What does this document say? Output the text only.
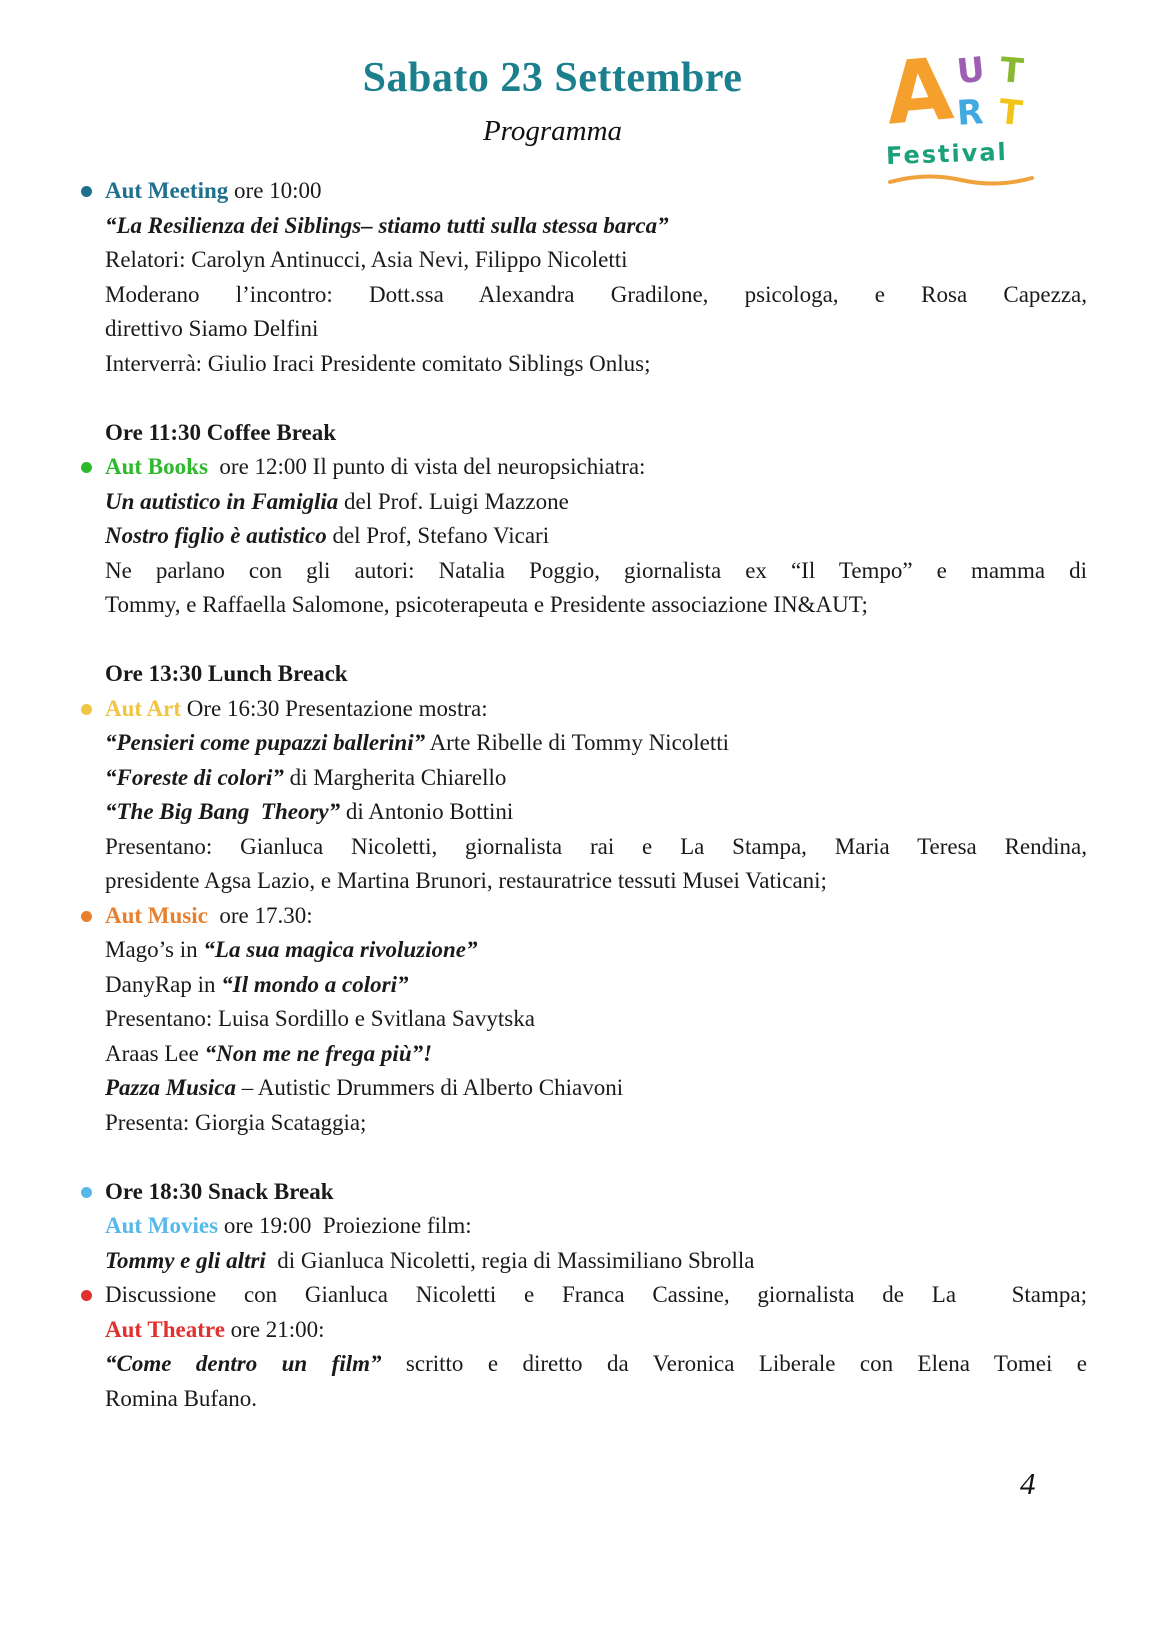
Sabato 23 Settembre
Programma	A
U T
R T
Festival
Aut Meeting ore 10:00
“La Resilienza dei Siblings– stiamo tutti sulla stessa barca”
Relatori: Carolyn Antinucci, Asia Nevi, Filippo Nicoletti
Moderano l’incontro: Dott.ssa Alexandra Gradilone, psicologa, e Rosa Capezza,
direttivo Siamo Delfini
Interverrà: Giulio Iraci Presidente comitato Siblings Onlus;
Ore 11:30 Coffee Break
Aut Books  ore 12:00 Il punto di vista del neuropsichiatra:
Un autistico in Famiglia del Prof. Luigi Mazzone
Nostro figlio è autistico del Prof, Stefano Vicari
Ne parlano con gli autori: Natalia Poggio, giornalista ex “Il Tempo” e mamma di
Tommy, e Raffaella Salomone, psicoterapeuta e Presidente associazione IN&AUT;
Ore 13:30 Lunch Breack
Aut Art Ore 16:30 Presentazione mostra:
“Pensieri come pupazzi ballerini” Arte Ribelle di Tommy Nicoletti
“Foreste di colori” di Margherita Chiarello
“The Big Bang  Theory” di Antonio Bottini
Presentano: Gianluca Nicoletti, giornalista rai e La Stampa, Maria Teresa Rendina,
presidente Agsa Lazio, e Martina Brunori, restauratrice tessuti Musei Vaticani;
Aut Music  ore 17.30:
Mago’s in “La sua magica rivoluzione”
DanyRap in “Il mondo a colori”
Presentano: Luisa Sordillo e Svitlana Savytska
Araas Lee “Non me ne frega più”!
Pazza Musica – Autistic Drummers di Alberto Chiavoni
Presenta: Giorgia Scataggia;
Ore 18:30 Snack Break
Aut Movies ore 19:00  Proiezione film:
Tommy e gli altri  di Gianluca Nicoletti, regia di Massimiliano Sbrolla
Discussione con Gianluca Nicoletti e Franca Cassine, giornalista de La  Stampa;
Aut Theatre ore 21:00:
“Come dentro un film” scritto e diretto da Veronica Liberale con Elena Tomei e
Romina Bufano.
4
